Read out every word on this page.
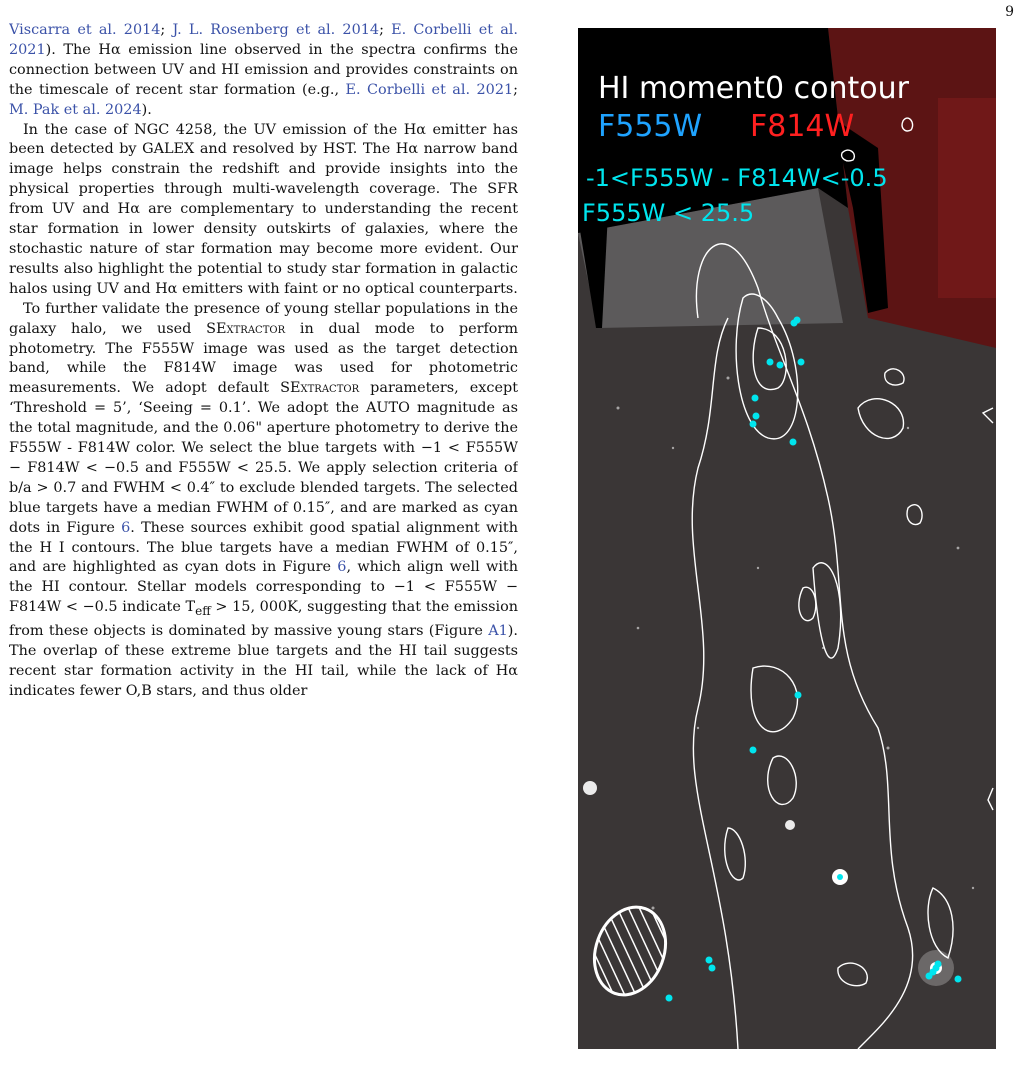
9

Viscarra et al. 2014; J. L. Rosenberg et al. 2014; E. Corbelli et al. 2021). The Hα emission line observed in the spectra confirms the connection between UV and HI emission and provides constraints on the timescale of recent star formation (e.g., E. Corbelli et al. 2021; M. Pak et al. 2024).

In the case of NGC 4258, the UV emission of the Hα emitter has been detected by GALEX and resolved by HST. The Hα narrow band image helps constrain the redshift and provide insights into the physical properties through multi-wavelength coverage. The SFR from UV and Hα are complementary to understanding the recent star formation in lower density outskirts of galaxies, where the stochastic nature of star formation may become more evident. Our results also highlight the potential to study star formation in galactic halos using UV and Hα emitters with faint or no optical counterparts.

To further validate the presence of young stellar populations in the galaxy halo, we used SExtractor in dual mode to perform photometry. The F555W image was used as the target detection band, while the F814W image was used for photometric measurements. We adopt default SExtractor parameters, except ‘Threshold = 5’, ‘Seeing = 0.1’. We adopt the AUTO magnitude as the total magnitude, and the 0.06" aperture photometry to derive the F555W - F814W color. We select the blue targets with −1 < F555W − F814W < −0.5 and F555W < 25.5. We apply selection criteria of b/a > 0.7 and FWHM < 0.4″ to exclude blended targets. The selected blue targets have a median FWHM of 0.15″, and are marked as cyan dots in Figure 6. These sources exhibit good spatial alignment with the H I contours. The blue targets have a median FWHM of 0.15″, and are highlighted as cyan dots in Figure 6, which align well with the HI contour. Stellar models corresponding to −1 < F555W − F814W < −0.5 indicate $T_{eff} > 15$, 000K, suggesting that the emission from these objects is dominated by massive young stars (Figure A1). The overlap of these extreme blue targets and the HI tail suggests recent star formation activity in the HI tail, while the lack of Hα indicates fewer O,B stars, and thus older

HI moment0 contour
F555W F814W
-1<F555W - F814W<-0.5
F555W < 25.5
